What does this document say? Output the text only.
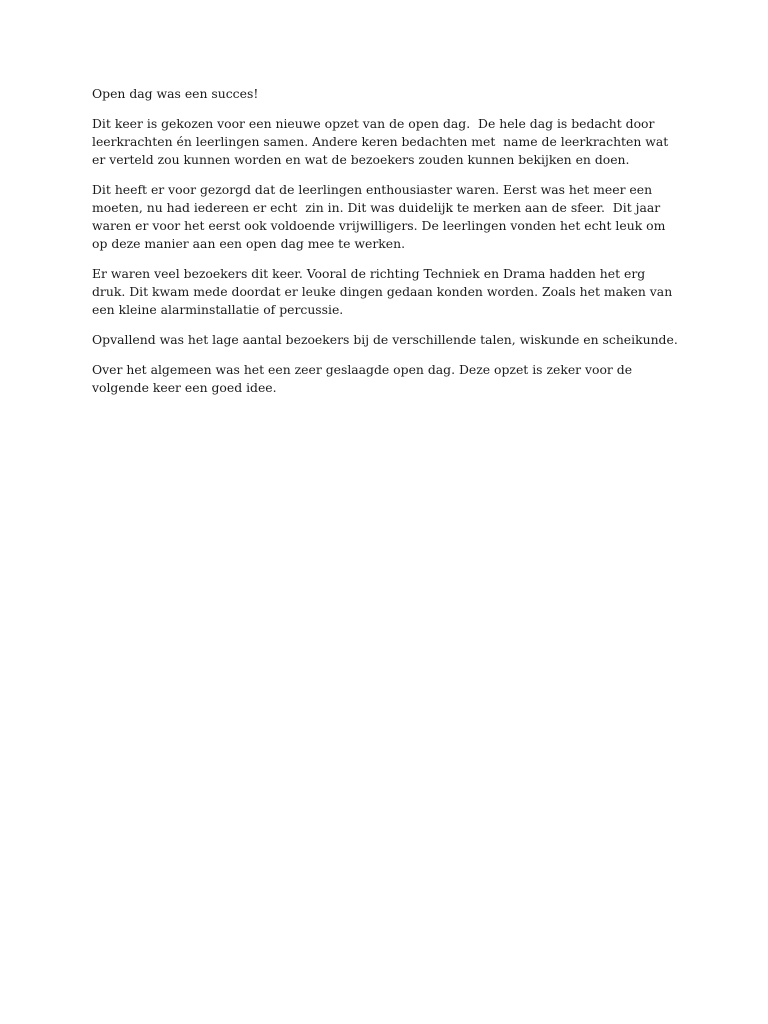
Open dag was een succes!

Dit keer is gekozen voor een nieuwe opzet van de open dag.  De hele dag is bedacht door leerkrachten én leerlingen samen. Andere keren bedachten met  name de leerkrachten wat er verteld zou kunnen worden en wat de bezoekers zouden kunnen bekijken en doen.

Dit heeft er voor gezorgd dat de leerlingen enthousiaster waren. Eerst was het meer een moeten, nu had iedereen er echt  zin in. Dit was duidelijk te merken aan de sfeer.  Dit jaar waren er voor het eerst ook voldoende vrijwilligers. De leerlingen vonden het echt leuk om op deze manier aan een open dag mee te werken.

Er waren veel bezoekers dit keer. Vooral de richting Techniek en Drama hadden het erg druk. Dit kwam mede doordat er leuke dingen gedaan konden worden. Zoals het maken van een kleine alarminstallatie of percussie.

Opvallend was het lage aantal bezoekers bij de verschillende talen, wiskunde en scheikunde.

Over het algemeen was het een zeer geslaagde open dag. Deze opzet is zeker voor de volgende keer een goed idee.
